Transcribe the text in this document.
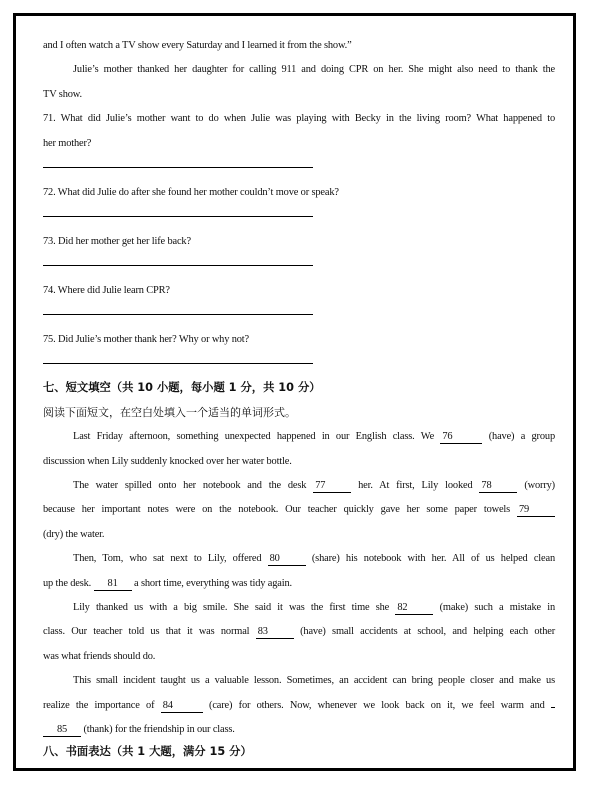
and I often watch a TV show every Saturday and I learned it from the show.”
Julie’s mother thanked her daughter for calling 911 and doing CPR on her. She might also need to thank the
TV show.
71. What did Julie’s mother want to do when Julie was playing with Becky in the living room? What happened to
her mother?
72. What did Julie do after she found her mother couldn’t move or speak?
73. Did her mother get her life back?
74. Where did Julie learn CPR?
75. Did Julie’s mother thank her? Why or why not?
七、短文填空（共 10 小题，每小题 1 分，共 10 分）
阅读下面短文，在空白处填入一个适当的单词形式。
Last Friday afternoon, something unexpected happened in our English class. We 76	(have) a group
discussion when Lily suddenly knocked over her water bottle.
The water spilled onto her notebook and the desk 77	her. At first, Lily looked 78	(worry)
because her important notes were on the notebook. Our teacher quickly gave her some paper towels 79
(dry) the water.
Then, Tom, who sat next to Lily, offered 80	(share) his notebook with her. All of us helped clean
up the desk. 81 a short time, everything was tidy again.
Lily thanked us with a big smile. She said it was the first time she 82	(make) such a mistake in
class. Our teacher told us that it was normal 83	(have) small accidents at school, and helping each other
was what friends should do.
This small incident taught us a valuable lesson. Sometimes, an accident can bring people closer and make us
realize the importance of 84	(care) for others. Now, whenever we look back on it, we feel warm and
85 (thank) for the friendship in our class.
八、书面表达（共 1 大题，满分 15 分）
